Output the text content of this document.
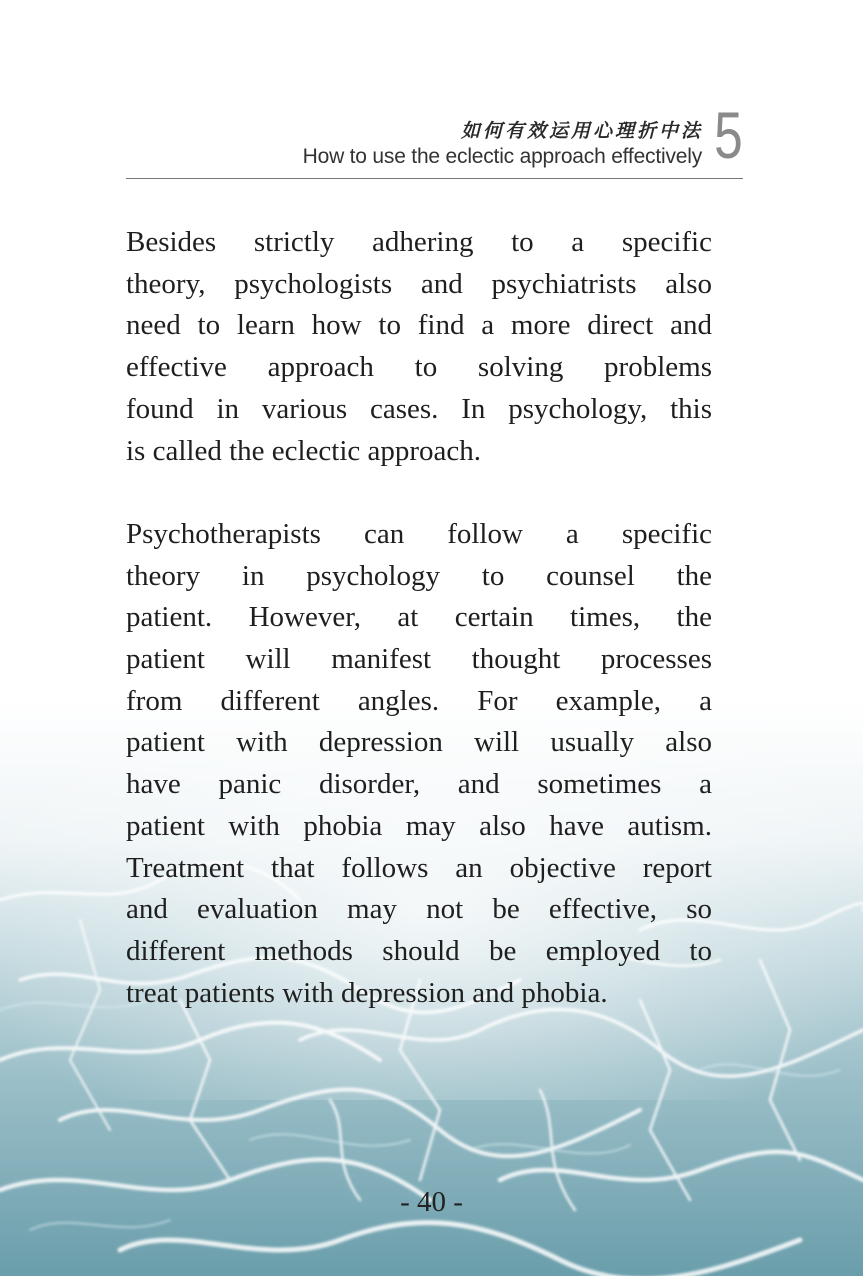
如何有效运用心理折中法
How to use the eclectic approach effectively 5

Besides strictly adhering to a specific
theory, psychologists and psychiatrists also
need to learn how to find a more direct and
effective approach to solving problems
found in various cases. In psychology, this
is called the eclectic approach.

Psychotherapists can follow a specific
theory in psychology to counsel the
patient. However, at certain times, the
patient will manifest thought processes
from different angles. For example, a
patient with depression will usually also
have panic disorder, and sometimes a
patient with phobia may also have autism.
Treatment that follows an objective report
and evaluation may not be effective, so
different methods should be employed to
treat patients with depression and phobia.

- 40 -
